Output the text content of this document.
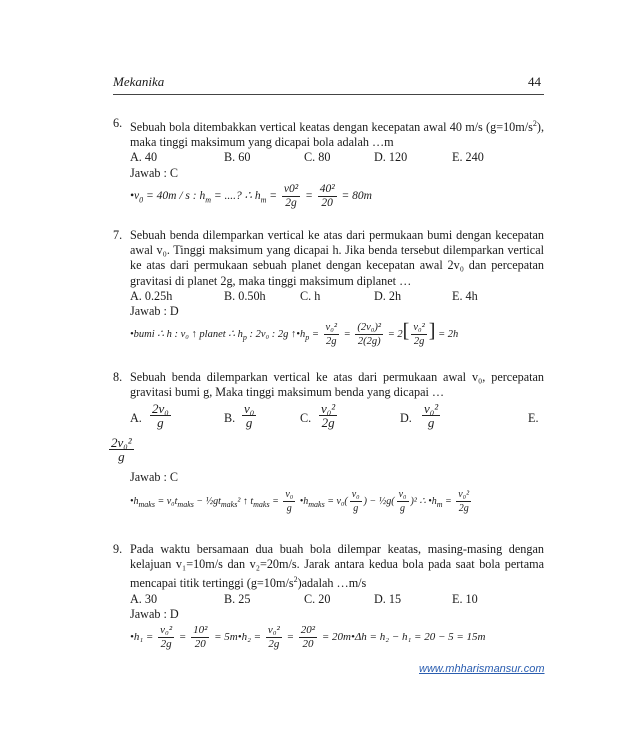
Mekanika	44
6. Sebuah bola ditembakkan vertical keatas dengan kecepatan awal 40 m/s $(g=10m/s^2)$, maka tinggi maksimum yang dicapai bola adalah …m
A. 40	B. 60	C. 80	D. 120	E. 240
Jawab : C
$•v_0 = 40m / s$ : $h_m$ = ....? ∴ $h_m = \frac{\text{v0²}}{2g} = \frac{\text{40²}}{20} = 80m$
7. Sebuah benda dilemparkan vertical ke atas dari permukaan bumi dengan kecepatan awal v₀. Tinggi maksimum yang dicapai h. Jika benda tersebut dilemparkan vertical ke atas dari permukaan sebuah planet dengan kecepatan awal 2v₀ dan percepatan gravitasi di planet 2g, maka tinggi maksimum diplanet …
A. 0.25h	B. 0.50h	C. h	D. 2h	E. 4h
Jawab : D
•bumi ∴ h : v₀ ↑ planet ∴ $h_p$ : 2v₀ : 2g $↑•h_p = \frac{\text{v₀²}}{2g} = \frac{\text{(2v₀)²}}{2(2g)} = 2[ \frac{\text{v₀²}}{2g}$ ] = 2h
8. Sebuah benda dilemparkan vertical ke atas dari permukaan awal v₀, percepatan gravitasi bumi g, Maka tinggi maksimum benda yang dicapai …
A.
2v₀
g	B.
v₀
g	C.
v₀²
2g	D.
v₀²
g	E.
2v₀²
g
Jawab : C
$•h_{maks} = v_0t_{maks}$ − $\frac{1}{2}gt_{maks}^2$ ↑ $t_{maks} = \frac{\text{v₀}}{g}$ $•h_{maks} = v_0( \frac{\text{v₀}}{g}$ ) − ½g( $\frac{\text{v₀}}{g} )^2$ ∴ $•h_m = \frac{\text{v₀²}}{2g}$
9. Pada waktu bersamaan dua buah bola dilempar keatas, masing-masing dengan kelajuan v₁=10m/s dan v₂=20m/s. Jarak antara kedua bola pada saat bola pertama mencapai titik tertinggi $(g=10m/s^2)adalah$ …m/s
A. 30	B. 25	C. 20	D. 15	E. 10
Jawab : D
•h₁ = $\frac{\text{v₀²}}{2g} = \frac{\text{10²}}{20}$ = 5m•h₂ = $\frac{\text{v₀²}}{2g} = \frac{\text{20²}}{20}$ = 20m•Δh = h₂ − h₁ = 20 − 5 = 15m
www.mhharismansur.com
